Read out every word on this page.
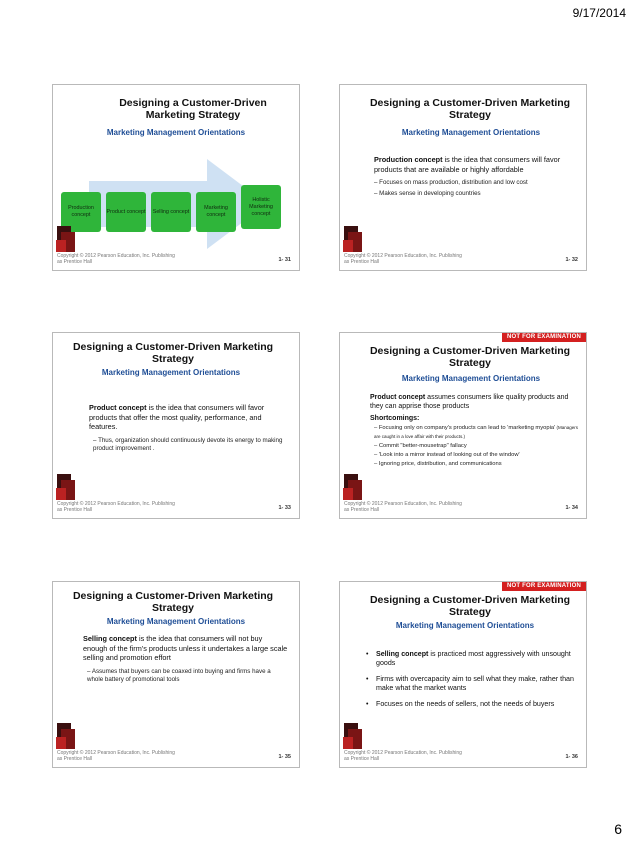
9/17/2014
Designing a Customer-Driven Marketing Strategy
Marketing Management Orientations
Production concept
Product concept	Selling concept
Marketing concept
Holistic Marketing concept
Copyright © 2012 Pearson Education, Inc. Publishing as Prentice Hall	1- 31
Designing a Customer-Driven Marketing Strategy
Marketing Management Orientations
Production concept is the idea that consumers will favor products that are available or highly affordable
– Focuses on mass production, distribution and low cost
– Makes sense in developing countries
Copyright © 2012 Pearson Education, Inc. Publishing as Prentice Hall	1- 32
Designing a Customer-Driven Marketing Strategy
Marketing Management Orientations
Product concept is the idea that consumers will favor products that offer the most quality, performance, and features.
– Thus, organization should continuously devote its energy to making product improvement .
Copyright © 2012 Pearson Education, Inc. Publishing as Prentice Hall	1- 33
NOT FOR EXAMINATION
Designing a Customer-Driven Marketing Strategy
Marketing Management Orientations
Product concept assumes consumers like quality products and they can apprise those products
Shortcomings:
– Focusing only on company's products can lead to 'marketing myopia' (Managers are caught in a love affair with their products.)
– Commit "better-mousetrap" fallacy
– 'Look into a mirror instead of looking out of the window'
– Ignoring price, distribution, and communications
Copyright © 2012 Pearson Education, Inc. Publishing as Prentice Hall	1- 34
Designing a Customer-Driven Marketing Strategy
Marketing Management Orientations
Selling concept is the idea that consumers will not buy enough of the firm's products unless it undertakes a large scale selling and promotion effort
– Assumes that buyers can be coaxed into buying and firms have a whole battery of promotional tools
Copyright © 2012 Pearson Education, Inc. Publishing as Prentice Hall	1- 35
NOT FOR EXAMINATION
Designing a Customer-Driven Marketing Strategy
Marketing Management Orientations
• Selling concept is practiced most aggressively with unsought goods
• Firms with overcapacity aim to sell what they make, rather than make what the market wants
• Focuses on the needs of sellers, not the needs of buyers
Copyright © 2012 Pearson Education, Inc. Publishing as Prentice Hall	1- 36
6
